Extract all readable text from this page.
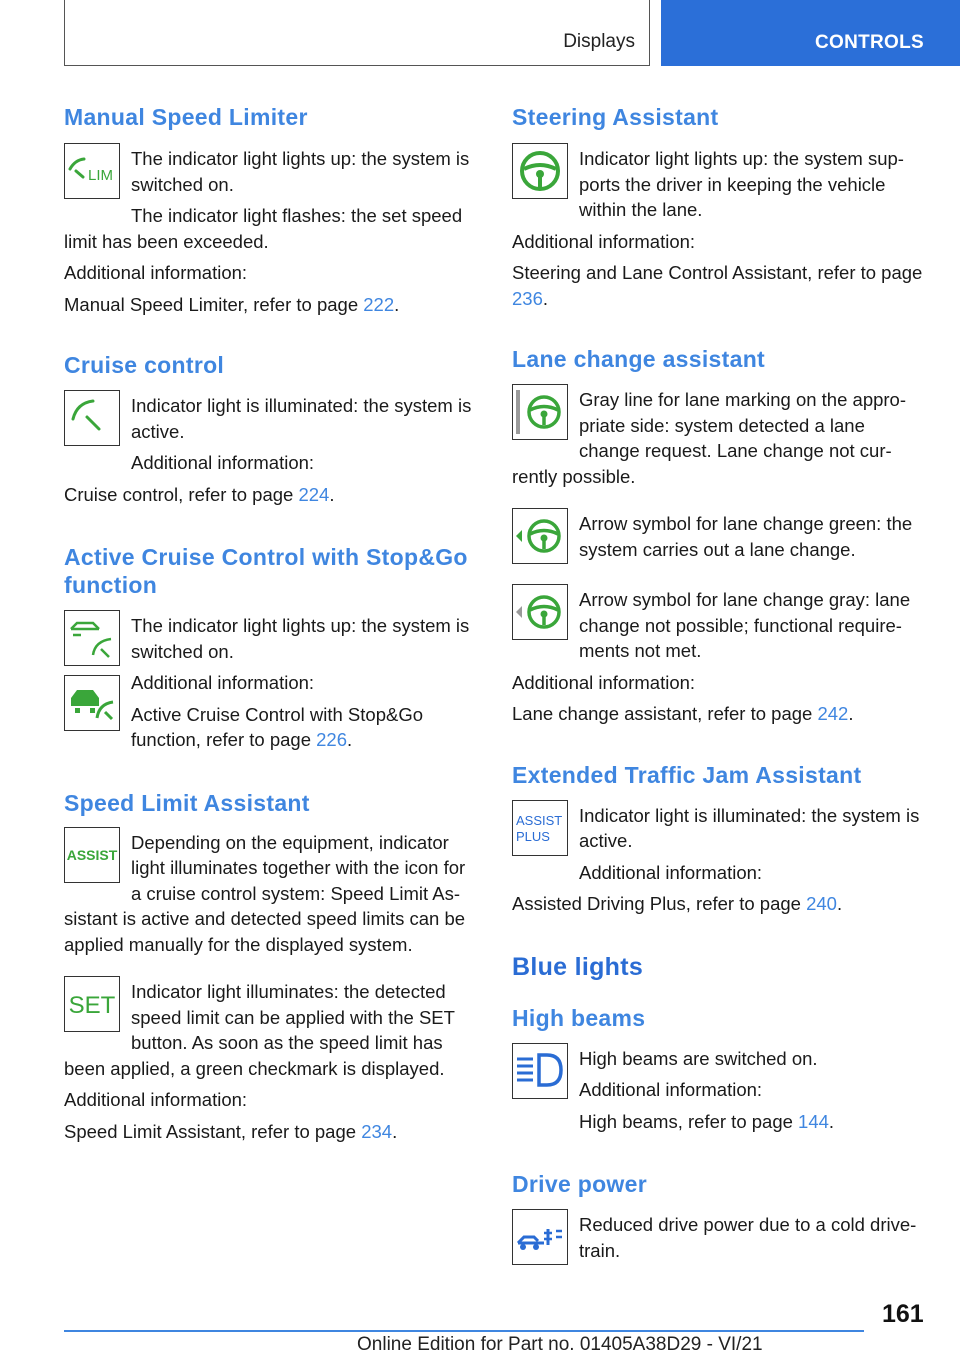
Displays	CONTROLS
Manual Speed Limiter
LIM

The indicator light lights up: the system is switched on.

The indicator light flashes: the set speed

limit has been exceeded.

Additional information:

Manual Speed Limiter, refer to page 222.

Cruise control

Indicator light is illuminated: the system is active.

Additional information:

Cruise control, refer to page 224.

Active Cruise Control with Stop&Go
function

The indicator light lights up: the system is switched on.

Additional information:

Active Cruise Control with Stop&Go function, refer to page 226.

Speed Limit Assistant
ASSIST

Depending on the equipment, indicator light illuminates together with the icon for a cruise control system: Speed Limit As-

sistant is active and detected speed limits can be applied manually for the displayed system.

SET

Indicator light illuminates: the detected speed limit can be applied with the SET button. As soon as the speed limit has

been applied, a green checkmark is displayed.

Additional information:

Speed Limit Assistant, refer to page 234.

Steering Assistant

Indicator light lights up: the system sup-ports the driver in keeping the vehicle within the lane.

Additional information:

Steering and Lane Control Assistant, refer to page 236.

Lane change assistant

Gray line for lane marking on the appro-priate side: system detected a lane change request. Lane change not cur-

rently possible.

Arrow symbol for lane change green: the system carries out a lane change.

Arrow symbol for lane change gray: lane change not possible; functional require-ments not met.

Additional information:

Lane change assistant, refer to page 242.

Extended Traffic Jam Assistant
ASSIST
PLUS

Indicator light is illuminated: the system is active.

Additional information:

Assisted Driving Plus, refer to page 240.

Blue lights
High beams

High beams are switched on.

Additional information:

High beams, refer to page 144.

Drive power

Reduced drive power due to a cold drive-train.

161
Online Edition for Part no. 01405A38D29 - VI/21
